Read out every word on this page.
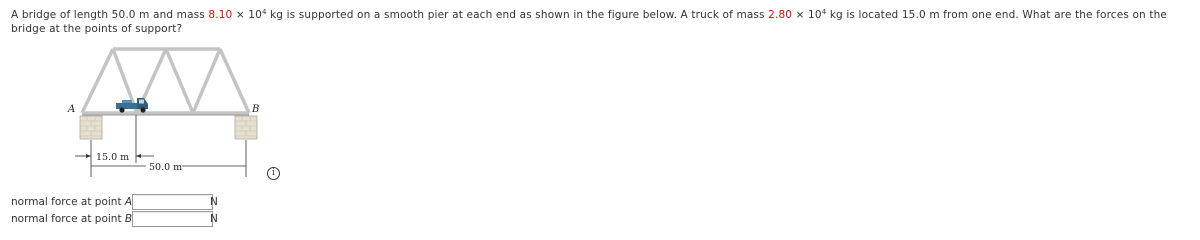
A bridge of length 50.0 m and mass $8.10 \times 10^4$ kg is supported on a smooth pier at each end as shown in the figure below. A truck of mass $2.80 \times 10^4$ kg is located 15.0 m from one end. What are the forces on the bridge at the points of support?
A	B
15.0 m
50.0 m	i
normal force at point A	N
normal force at point B	N
